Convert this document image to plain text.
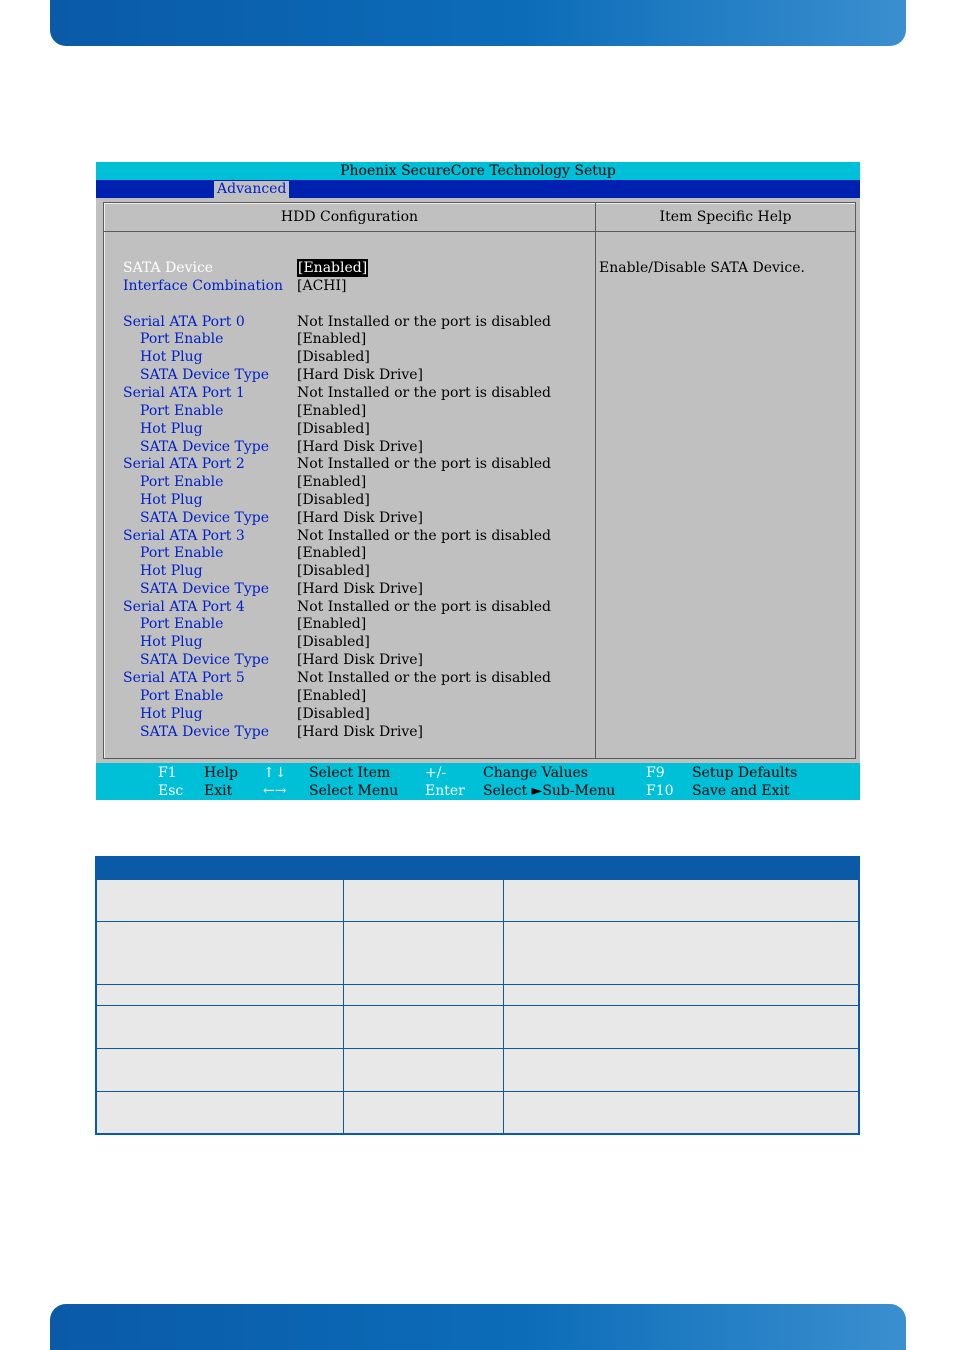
Phoenix SecureCore Technology Setup
Advanced
HDD Configuration	Item Specific Help
SATA Device	[Enabled]
Interface Combination [ACHI]
Serial ATA Port 0	Not Installed or the port is disabled
Port Enable	[Enabled]
Hot Plug	[Disabled]
SATA Device Type [Hard Disk Drive]
Serial ATA Port 1	Not Installed or the port is disabled
Port Enable	[Enabled]
Hot Plug	[Disabled]
SATA Device Type [Hard Disk Drive]
Serial ATA Port 2	Not Installed or the port is disabled
Port Enable	[Enabled]
Hot Plug	[Disabled]
SATA Device Type [Hard Disk Drive]
Serial ATA Port 3	Not Installed or the port is disabled
Port Enable	[Enabled]
Hot Plug	[Disabled]
SATA Device Type [Hard Disk Drive]
Serial ATA Port 4	Not Installed or the port is disabled
Port Enable	[Enabled]
Hot Plug	[Disabled]
SATA Device Type [Hard Disk Drive]
Serial ATA Port 5	Not Installed or the port is disabled
Port Enable	[Enabled]
Hot Plug	[Disabled]
SATA Device Type [Hard Disk Drive]
Enable/Disable SATA Device.
F1 Help ↑↓ Select Item +/-	Change Values	F9 Setup Defaults
Esc Exit ←→ Select Menu Enter Select ►Sub-Menu F10 Save and Exit
